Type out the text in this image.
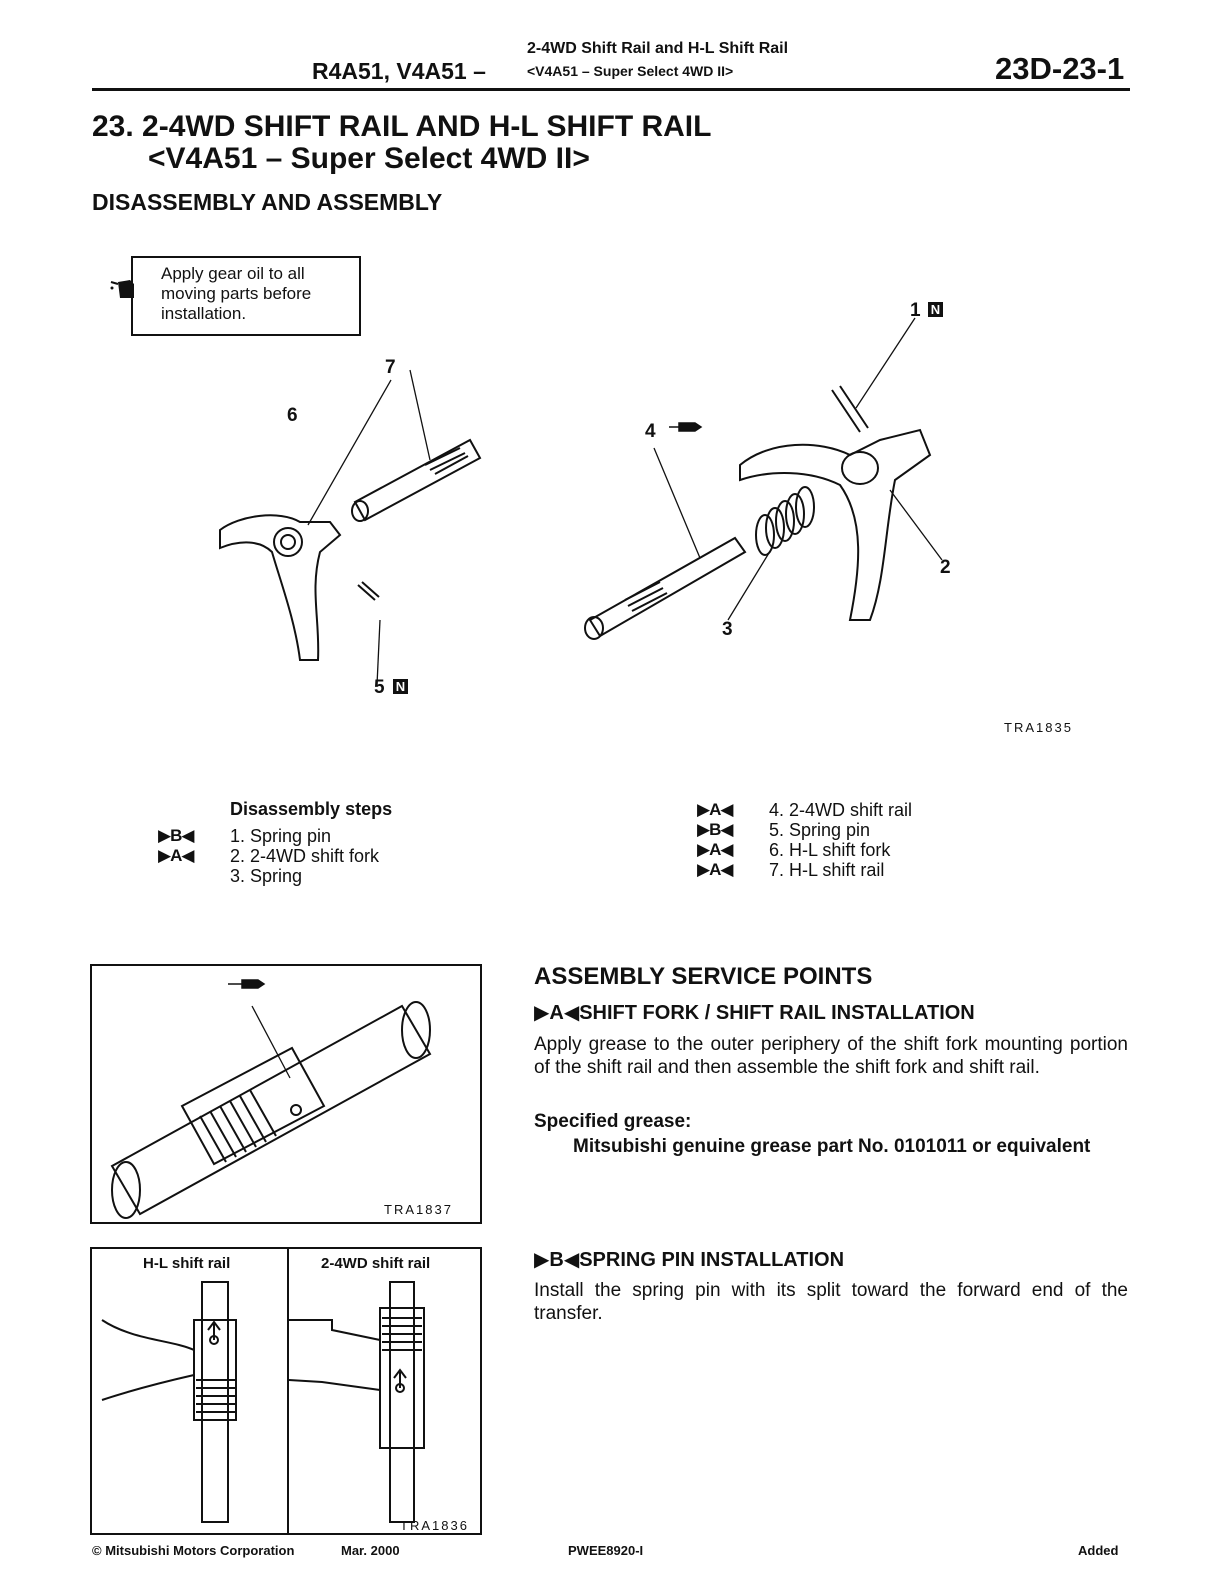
R4A51, V4A51 –
2-4WD Shift Rail and H-L Shift Rail
<V4A51 – Super Select 4WD II>	23D-23-1
23. 2-4WD SHIFT RAIL AND H-L SHIFT RAIL
<V4A51 – Super Select 4WD II>
DISASSEMBLY AND ASSEMBLY
Apply gear oil to all moving parts before installation.	1 N
2
3
4
5 N
6
7
TRA1835
Disassembly steps
▶B◀	1. Spring pin
▶A◀	2. 2-4WD shift fork
3. Spring
▶A◀	4. 2-4WD shift rail
▶B◀	5. Spring pin
▶A◀	6. H-L shift fork
▶A◀	7. H-L shift rail
TRA1837
H-L shift rail	2-4WD shift rail
TRA1836
ASSEMBLY SERVICE POINTS
▶A◀SHIFT FORK / SHIFT RAIL INSTALLATION
Apply grease to the outer periphery of the shift fork mounting portion of the shift rail and then assemble the shift fork and shift rail.
Specified grease:
Mitsubishi genuine grease part No. 0101011 or equivalent
▶B◀SPRING PIN INSTALLATION
Install the spring pin with its split toward the forward end of the transfer.
© Mitsubishi Motors Corporation	Mar. 2000	PWEE8920-I	Added
